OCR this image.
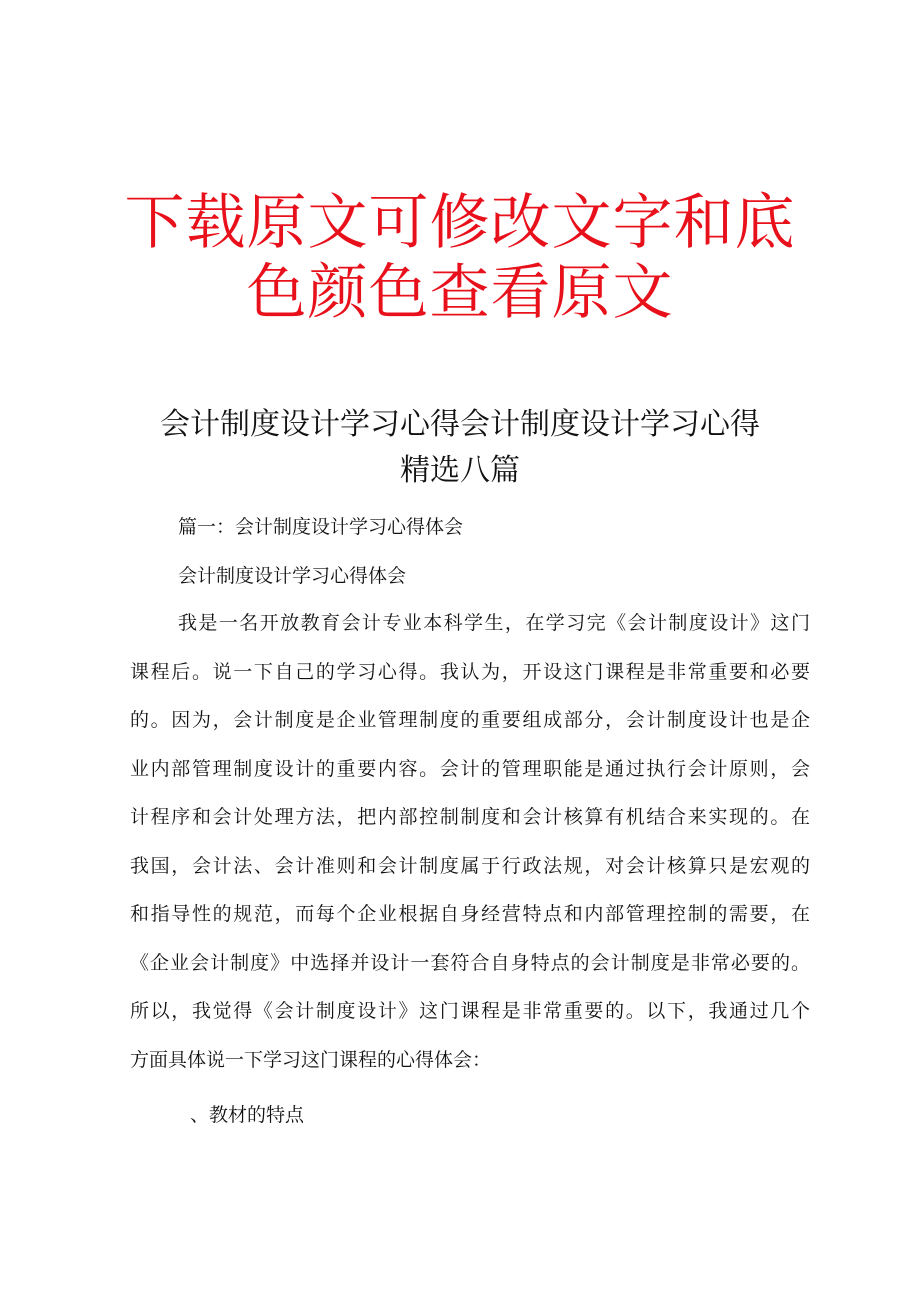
下载原文可修改文字和底
色颜色查看原文
会计制度设计学习心得会计制度设计学习心得
精选八篇
篇一：会计制度设计学习心得体会
会计制度设计学习心得体会
我是一名开放教育会计专业本科学生，在学习完《会计制度设计》这门
课程后。说一下自己的学习心得。我认为，开设这门课程是非常重要和必要
的。因为，会计制度是企业管理制度的重要组成部分，会计制度设计也是企
业内部管理制度设计的重要内容。会计的管理职能是通过执行会计原则，会
计程序和会计处理方法，把内部控制制度和会计核算有机结合来实现的。在
我国，会计法、会计准则和会计制度属于行政法规，对会计核算只是宏观的
和指导性的规范，而每个企业根据自身经营特点和内部管理控制的需要，在
《企业会计制度》中选择并设计一套符合自身特点的会计制度是非常必要的。
所以，我觉得《会计制度设计》这门课程是非常重要的。以下，我通过几个
方面具体说一下学习这门课程的心得体会：
、教材的特点
